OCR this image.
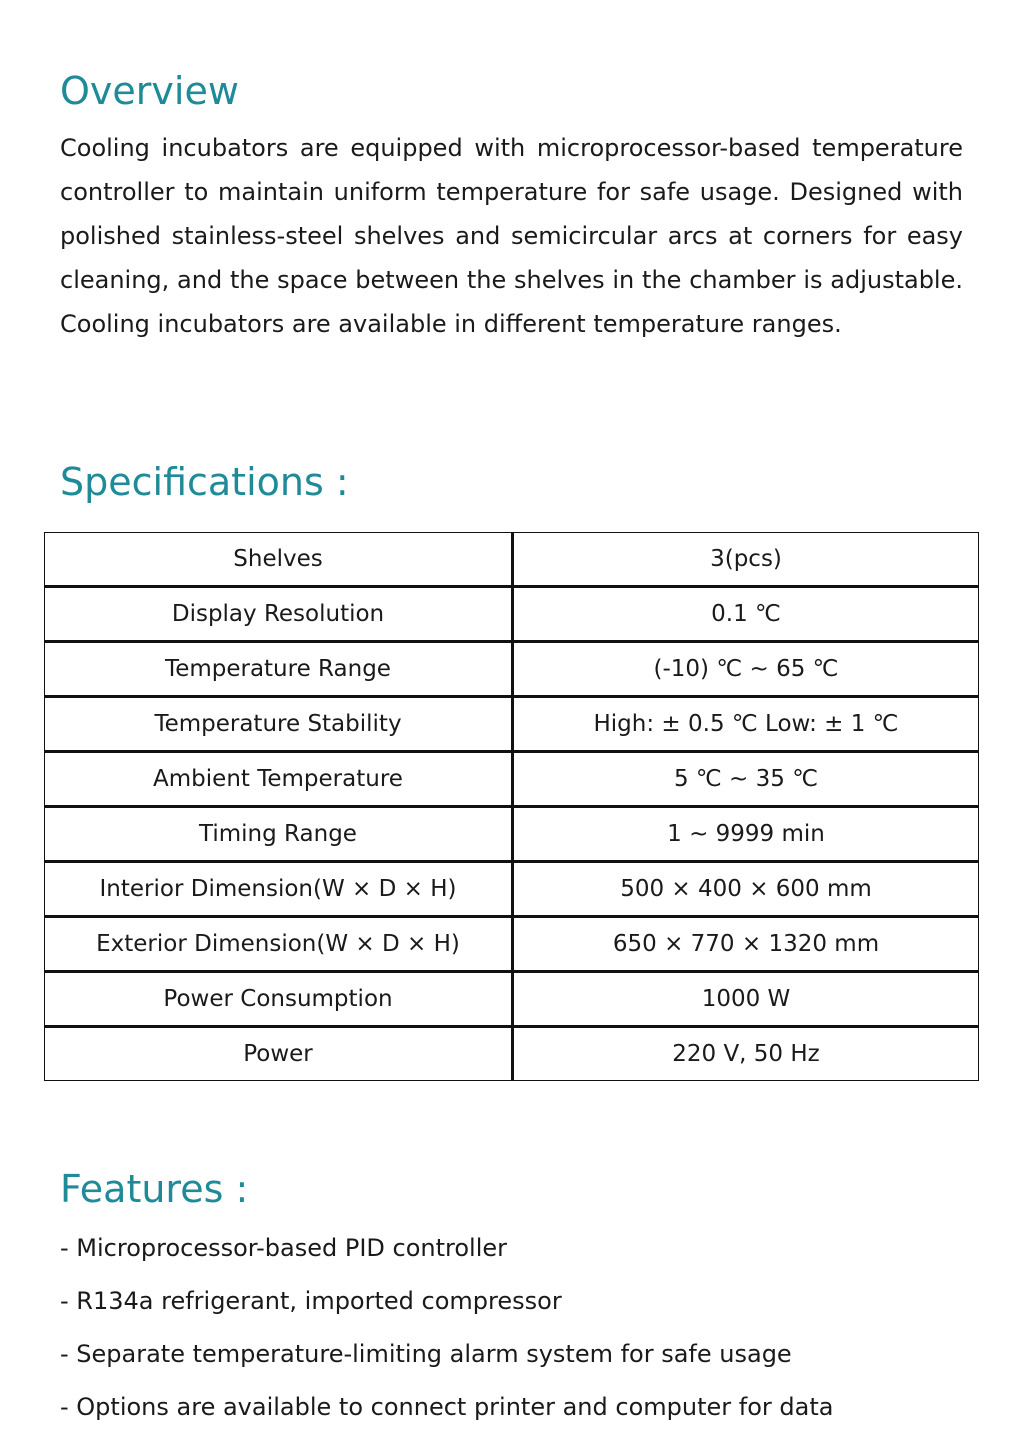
Overview

Cooling incubators are equipped with microprocessor-based temperature controller to maintain uniform temperature for safe usage. Designed with polished stainless-steel shelves and semicircular arcs at corners for easy cleaning, and the space between the shelves in the chamber is adjustable. Cooling incubators are available in different temperature ranges.

Specifications :
Shelves	3(pcs)
Display Resolution	0.1 ℃
Temperature Range	(-10) ℃ ~ 65 ℃
Temperature Stability	High: ± 0.5 ℃ Low: ± 1 ℃
Ambient Temperature	5 ℃ ~ 35 ℃
Timing Range	1 ~ 9999 min
Interior Dimension(W × D × H)	500 × 400 × 600 mm
Exterior Dimension(W × D × H)	650 × 770 × 1320 mm
Power Consumption	1000 W
Power	220 V, 50 Hz
Features :
- Microprocessor-based PID controller
- R134a refrigerant, imported compressor
- Separate temperature-limiting alarm system for safe usage
- Options are available to connect printer and computer for data
